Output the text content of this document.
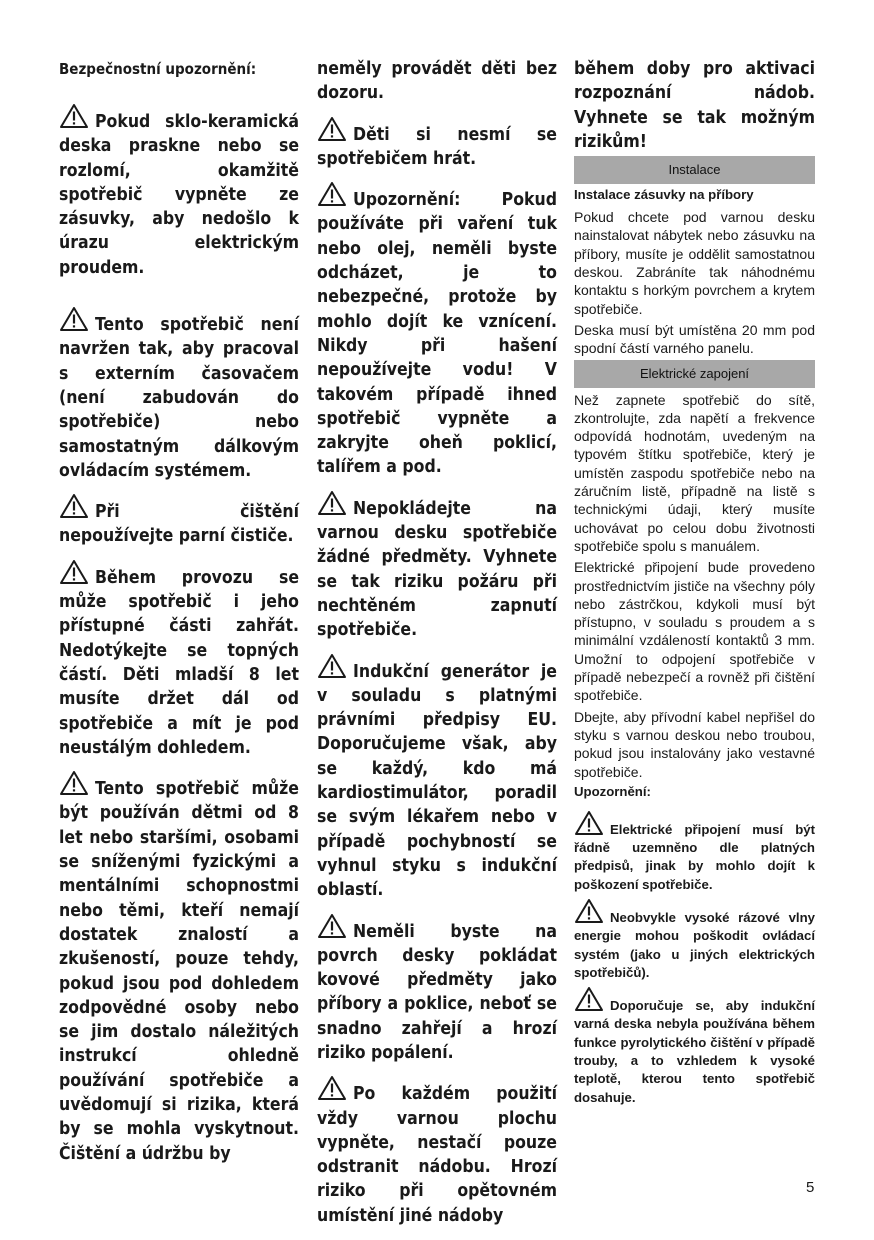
Bezpečnostní upozornění:

Pokud sklo-keramická deska praskne nebo se rozlomí, okamžitě spotřebič vypněte ze zásuvky, aby nedošlo k úrazu elektrickým proudem.

Tento spotřebič není navržen tak, aby pracoval s externím časovačem (není zabudován do spotřebiče) nebo samostatným dálkovým ovládacím systémem.

Při čištění nepoužívejte parní čističe.

Během provozu se může spotřebič i jeho přístupné části zahřát. Nedotýkejte se topných částí. Děti mladší 8 let musíte držet dál od spotřebiče a mít je pod neustálým dohledem.

Tento spotřebič může být používán dětmi od 8 let nebo staršími, osobami se sníženými fyzickými a mentálními schopnostmi nebo těmi, kteří nemají dostatek znalostí a zkušeností, pouze tehdy, pokud jsou pod dohledem zodpovědné osoby nebo se jim dostalo náležitých instrukcí ohledně používání spotřebiče a uvědomují si rizika, která by se mohla vyskytnout. Čištění a údržbu by

neměly provádět děti bez dozoru.

Děti si nesmí se spotřebičem hrát.

Upozornění: Pokud používáte při vaření tuk nebo olej, neměli byste odcházet, je to nebezpečné, protože by mohlo dojít ke vznícení. Nikdy při hašení nepoužívejte vodu! V takovém případě ihned spotřebič vypněte a zakryjte oheň poklicí, talířem a pod.

Nepokládejte na varnou desku spotřebiče žádné předměty. Vyhnete se tak riziku požáru při nechtěném zapnutí spotřebiče.

Indukční generátor je v souladu s platnými právními předpisy EU. Doporučujeme však, aby se každý, kdo má kardiostimulátor, poradil se svým lékařem nebo v případě pochybností se vyhnul styku s indukční oblastí.

Neměli byste na povrch desky pokládat kovové předměty jako příbory a poklice, neboť se snadno zahřejí a hrozí riziko popálení.

Po každém použití vždy varnou plochu vypněte, nestačí pouze odstranit nádobu. Hrozí riziko při opětovném umístění jiné nádoby

během doby pro aktivaci rozpoznání nádob. Vyhnete se tak možným rizikům!
Instalace
Instalace zásuvky na příbory
Pokud chcete pod varnou desku nainstalovat nábytek nebo zásuvku na příbory, musíte je oddělit samostatnou deskou. Zabráníte tak náhodnému kontaktu s horkým povrchem a krytem spotřebiče.
Deska musí být umístěna 20 mm pod spodní částí varného panelu.
Elektrické zapojení
Než zapnete spotřebič do sítě, zkontrolujte, zda napětí a frekvence odpovídá hodnotám, uvedeným na typovém štítku spotřebiče, který je umístěn zaspodu spotřebiče nebo na záručním listě, případně na listě s technickými údaji, který musíte uchovávat po celou dobu životnosti spotřebiče spolu s manuálem.
Elektrické připojení bude provedeno prostřednictvím jističe na všechny póly nebo zástrčkou, kdykoli musí být přístupno, v souladu s proudem a s minimální vzdáleností kontaktů 3 mm. Umožní to odpojení spotřebiče v případě nebezpečí a rovněž při čištění spotřebiče.
Dbejte, aby přívodní kabel nepřišel do styku s varnou deskou nebo troubou, pokud jsou instalovány jako vestavné spotřebiče.
Upozornění:
Elektrické připojení musí být řádně uzemněno dle platných předpisů, jinak by mohlo dojít k poškození spotřebiče.
Neobvykle vysoké rázové vlny energie mohou poškodit ovládací systém (jako u jiných elektrických spotřebičů).
Doporučuje se, aby indukční varná deska nebyla používána během funkce pyrolytického čištění v případě trouby, a to vzhledem k vysoké teplotě, kterou tento spotřebič dosahuje.
5
